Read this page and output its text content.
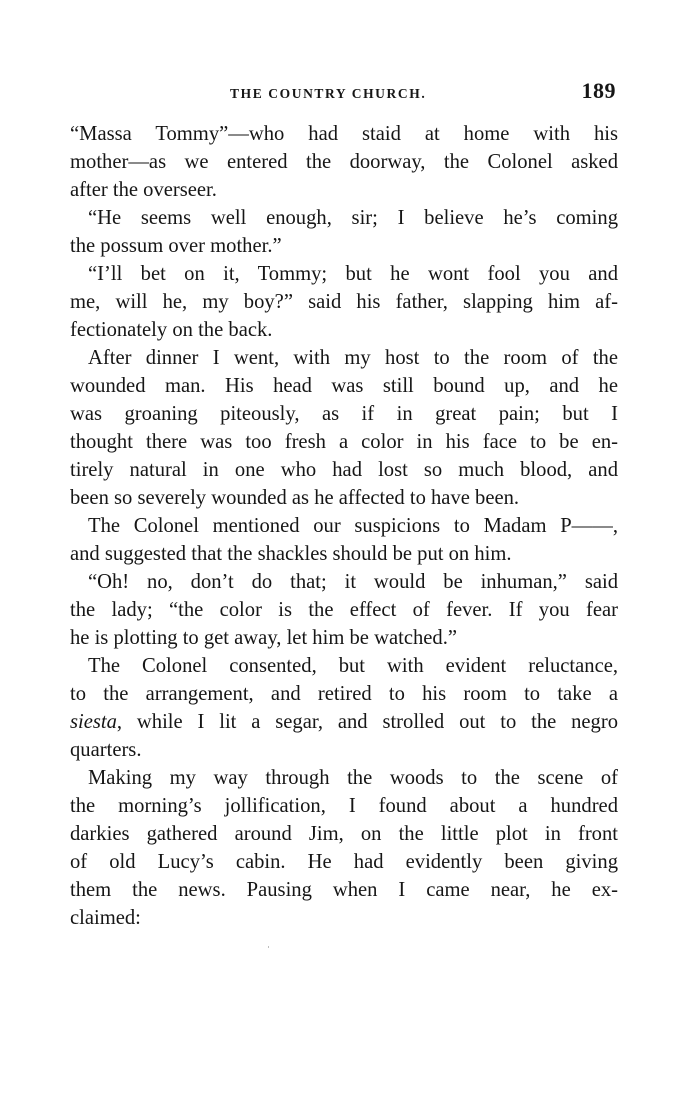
THE COUNTRY CHURCH.	189
“Massa Tommy”—who had staid at home with his
mother—as we entered the doorway, the Colonel asked
after the overseer.
“He seems well enough, sir; I believe he’s coming
the possum over mother.”
“I’ll bet on it, Tommy; but he wont fool you and
me, will he, my boy?” said his father, slapping him af-
fectionately on the back.
After dinner I went, with my host to the room of the
wounded man. His head was still bound up, and he
was groaning piteously, as if in great pain; but I
thought there was too fresh a color in his face to be en-
tirely natural in one who had lost so much blood, and
been so severely wounded as he affected to have been.
The Colonel mentioned our suspicions to Madam P——,
and suggested that the shackles should be put on him.
“Oh! no, don’t do that; it would be inhuman,” said
the lady; “the color is the effect of fever. If you fear
he is plotting to get away, let him be watched.”
The Colonel consented, but with evident reluctance,
to the arrangement, and retired to his room to take a
siesta, while I lit a segar, and strolled out to the negro
quarters.
Making my way through the woods to the scene of
the morning’s jollification, I found about a hundred
darkies gathered around Jim, on the little plot in front
of old Lucy’s cabin. He had evidently been giving
them the news. Pausing when I came near, he ex-
claimed:
